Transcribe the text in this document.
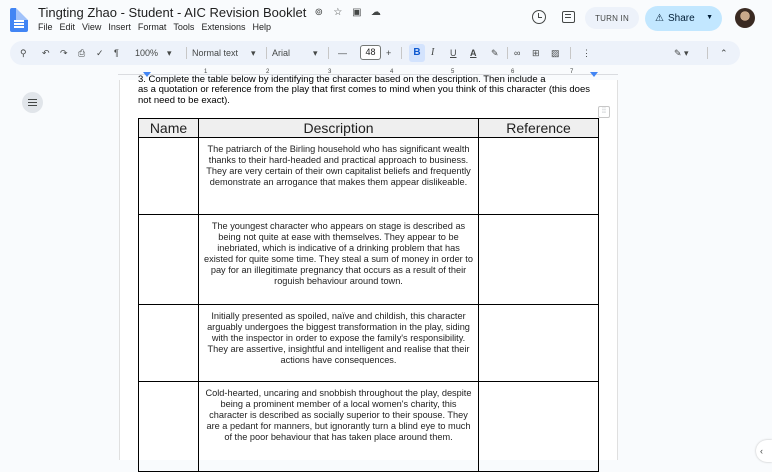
Tingting Zhao - Student - AIC Revision Booklet ⊚ ☆ ▣ ☁
File Edit View Insert Format Tools Extensions Help
TURN IN	⚠ Share ▼
⚲ ↶ ↷ ⎙ ✓ ¶ 100% ▾ Normal text ▾ Arial	▾ —	48	+	B	I U A ✎ ∞ ⊞ ▨ ⋮	✎ ▾	⌃
1	2	3	4	5	6	7
3. Complete the table below by identifying the character based on the description. Then include a
as a quotation or reference from the play that first comes to mind when you think of this character (this does not need to be exact).
⁞⁞
Name	Description	Reference
	The patriarch of the Birling household who has significant wealth thanks to their hard-headed and practical approach to business. They are very certain of their own capitalist beliefs and frequently demonstrate an arrogance that makes them appear dislikeable.	
	The youngest character who appears on stage is described as being not quite at ease with themselves. They appear to be inebriated, which is indicative of a drinking problem that has existed for quite some time. They steal a sum of money in order to pay for an illegitimate pregnancy that occurs as a result of their roguish behaviour around town.	
	Initially presented as spoiled, naïve and childish, this character arguably undergoes the biggest transformation in the play, siding with the inspector in order to expose the family's responsibility. They are assertive, insightful and intelligent and realise that their actions have consequences.	
	Cold-hearted, uncaring and snobbish throughout the play, despite being a prominent member of a local women's charity, this character is described as socially superior to their spouse. They are a pedant for manners, but ignorantly turn a blind eye to much of the poor behaviour that has taken place around them.	
‹
